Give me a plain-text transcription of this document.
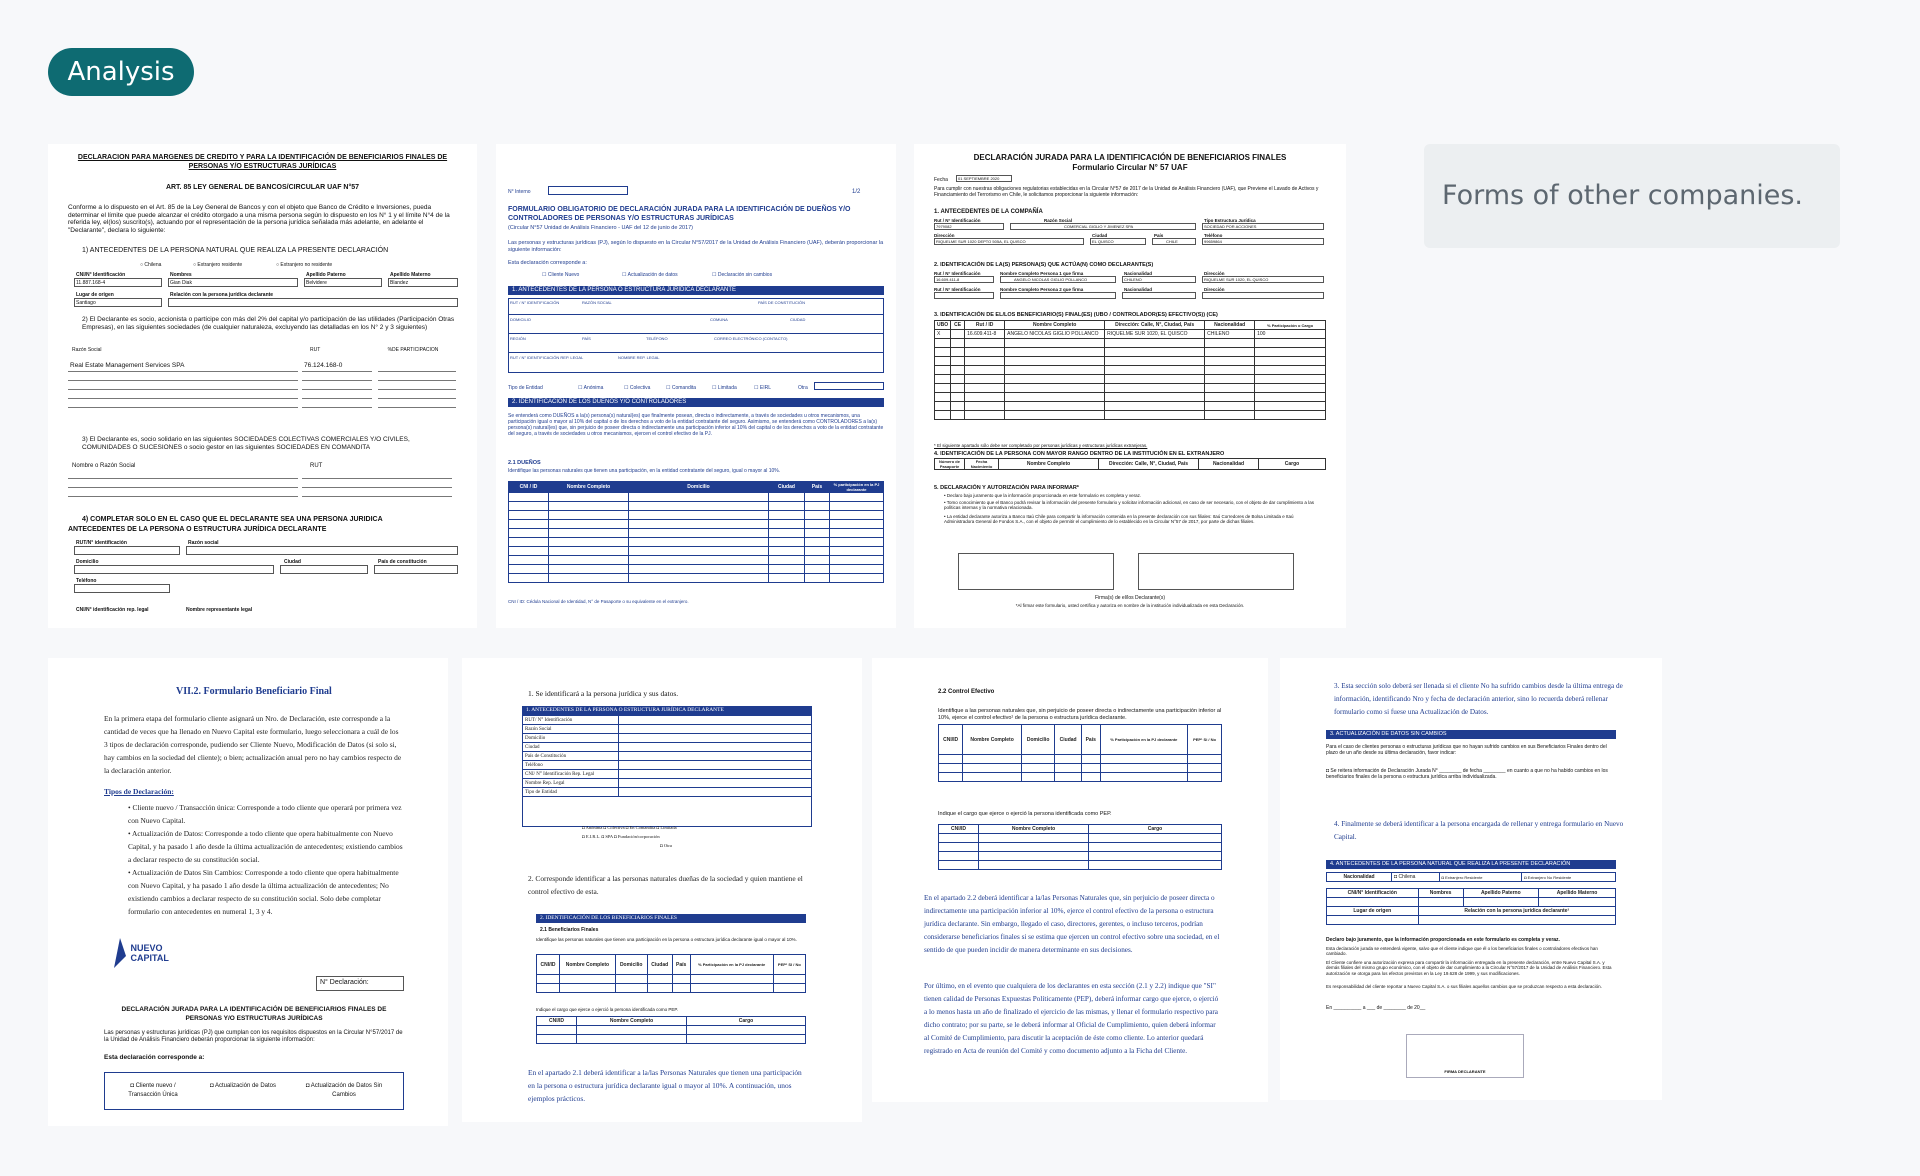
Analysis
Forms of other companies.
DECLARACION PARA MARGENES DE CREDITO Y PARA LA IDENTIFICACIÓN DE BENEFICIARIOS FINALES DE PERSONAS Y/O ESTRUCTURAS JURÍDICAS
ART. 85 LEY GENERAL DE BANCOS/CIRCULAR UAF N°57
Conforme a lo dispuesto en el Art. 85 de la Ley General de Bancos y con el objeto que Banco de Crédito e Inversiones, pueda determinar el límite que puede alcanzar el crédito otorgado a una misma persona según lo dispuesto en los N° 1 y el límite N°4 de la referida ley, el(los) suscrito(s), actuando por el representación de la persona jurídica señalada más adelante, en adelante el "Declarante", declara lo siguiente:
1) ANTECEDENTES DE LA PERSONA NATURAL QUE REALIZA LA PRESENTE DECLARACIÓN
○ Chilena	○ Extranjero residente	○ Extranjero no residente
CNI/N° Identificación	Nombres	Apellido Paterno	Apellido Materno
11.887.168-4	Gian Diak	Belvidere	Blandez
Lugar de origen	Relación con la persona jurídica declarante
Santiago
2) El Declarante es socio, accionista o partícipe con más del 2% del capital y/o participación de las utilidades (Participación Otras Empresas), en las siguientes sociedades (de cualquier naturaleza, excluyendo las detalladas en los N° 2 y 3 siguientes)
Razón Social	RUT	%DE PARTICIPACION
Real Estate Management Services SPA	76.124.168-0
3) El Declarante es, socio solidario en las siguientes SOCIEDADES COLECTIVAS COMERCIALES Y/O CIVILES, COMUNIDADES O SUCESIONES o socio gestor en las siguientes SOCIEDADES EN COMANDITA
Nombre o Razón Social	RUT
4) COMPLETAR SOLO EN EL CASO QUE EL DECLARANTE SEA UNA PERSONA JURIDICA
ANTECEDENTES DE LA PERSONA O ESTRUCTURA JURÍDICA DECLARANTE
RUT/N° identificación	Razón social
Domicilio	Ciudad	País de constitución
Teléfono
CNI/N° identificación rep. legal	Nombre representante legal
N° Interno	1/2
FORMULARIO OBLIGATORIO DE DECLARACIÓN JURADA PARA LA IDENTIFICACIÓN DE DUEÑOS Y/O CONTROLADORES DE PERSONAS Y/O ESTRUCTURAS JURÍDICAS
(Circular N°57 Unidad de Análisis Financiero - UAF del 12 de junio de 2017)
Las personas y estructuras jurídicas (PJ), según lo dispuesto en la Circular N°57/2017 de la Unidad de Análisis Financiero (UAF), deberán proporcionar la siguiente información:
Esta declaración corresponde a:
☐ Cliente Nuevo	☐ Actualización de datos	☐ Declaración sin cambios
1. ANTECEDENTES DE LA PERSONA O ESTRUCTURA JURÍDICA DECLARANTE
RUT / N° IDENTIFICACIÓN	RAZÓN SOCIAL	PAÍS DE CONSTITUCIÓN
DOMICILIO	COMUNA	CIUDAD
REGIÓN	PAÍS	TELÉFONO	CORREO ELECTRÓNICO (CONTACTO)
RUT / N° IDENTIFICACIÓN REP. LEGAL	NOMBRE REP. LEGAL
Tipo de Entidad	☐ Anónima	☐ Colectiva	☐ Comandita	☐ Limitada	☐ EIRL	Otra
2. IDENTIFICACIÓN DE LOS DUEÑOS Y/O CONTROLADORES
Se entenderá como DUEÑOS a la(s) persona(s) natural(es) que finalmente posean, directa o indirectamente, a través de sociedades u otros mecanismos, una participación igual o mayor al 10% del capital o de los derechos a voto de la entidad contratante del seguro. Asimismo, se entenderá como CONTROLADORES a la(s) persona(s) natural(es) que, sin perjuicio de poseer directa o indirectamente una participación inferior al 10% del capital o de los derechos a voto de la entidad contratante del seguro, a través de sociedades u otros mecanismos, ejercen el control efectivo de la PJ.
2.1 DUEÑOS
Identifique las personas naturales que tienen una participación, en la entidad contratante del seguro, igual o mayor al 10%.
CNI / ID	Nombre Completo	Domicilio	Ciudad	País	% participación en la PJ declarante

CNI / ID: Cédula Nacional de Identidad, N° de Pasaporte o su equivalente en el extranjero.
DECLARACIÓN JURADA PARA LA IDENTIFICACIÓN DE BENEFICIARIOS FINALES
Formulario Circular N° 57 UAF
Fecha	01 SEPTIEMBRE 2020
Para cumplir con nuestras obligaciones regulatorias establecidas en la Circular N°57 de 2017 de la Unidad de Análisis Financiero (UAF), que Previene el Lavado de Activos y Financiamiento del Terrorismo en Chile, le solicitamos proporcionar la siguiente información:
1. ANTECEDENTES DE LA COMPAÑÍA
Rut / N° Identificación	Razón Social	Tipo Estructura Jurídica
7979082	COMERCIAL GIGLIO Y JIMENEZ SPA	SOCIEDAD POR ACCIONES
Dirección	Ciudad	País	Teléfono
RIQUELME SUR 1020 DEPTO 505A, EL QUISCO	EL QUISCO	CHILE	99659864
2. IDENTIFICACIÓN DE LA(S) PERSONA(S) QUE ACTÚA(N) COMO DECLARANTE(S)
Rut / N° Identificación	Nombre Completo Persona 1 que firma	Nacionalidad	Dirección
16.609.411-8	ANGELO NICOLAS GIGLIO POLLANCO	CHILENO	RIQUELME SUR 1020, EL QUISCO
Rut / N° Identificación	Nombre Completo Persona 2 que firma	Nacionalidad	Dirección
3. IDENTIFICACIÓN DE EL/LOS BENEFICIARIO(S) FINAL(ES) (UBO / CONTROLADOR(ES) EFECTIVO(S)) (CE)
UBO	CE	Rut / ID	Nombre Completo	Dirección: Calle, N°, Ciudad, País	Nacionalidad	% Participación o Cargo
X		16.609.411-8	ANGELO NICOLAS GIGLIO POLLANCO	RIQUELME SUR 1020, EL QUISCO	CHILENO	100

* El siguiente apartado sólo debe ser completado por personas jurídicas y estructuras jurídicas extranjeras.
4. IDENTIFICACIÓN DE LA PERSONA CON MAYOR RANGO DENTRO DE LA INSTITUCIÓN EN EL EXTRANJERO
Número de Pasaporte	Fecha Nacimiento	Nombre Completo	Dirección: Calle, N°, Ciudad, País	Nacionalidad	Cargo
5. DECLARACIÓN Y AUTORIZACIÓN PARA INFORMAR*
• Declaro bajo juramento que la información proporcionada en este formulario es completa y veraz.
• Tomo conocimiento que el Banco podrá revisar la información del presente formulario y solicitar información adicional, en caso de ser necesario, con el objeto de dar cumplimiento a las políticas internas y la normativa relacionada.
• La entidad declarante autoriza a Banco Itaú Chile para compartir la información contenida en la presente declaración con sus filiales: Itaú Corredores de Bolsa Limitada e Itaú Administradora General de Fondos S.A., con el objeto de permitir el cumplimiento de lo establecido en la Circular N°57 de 2017, por parte de dichas filiales.
Firma(s) de el/los Declarante(s)
*Al firmar este formulario, usted certifica y autoriza en nombre de la institución individualizada en esta Declaración.
VII.2. Formulario Beneficiario Final
En la primera etapa del formulario cliente asignará un Nro. de Declaración, este corresponde a la cantidad de veces que ha llenado en Nuevo Capital este formulario, luego seleccionara a cuál de los 3 tipos de declaración corresponde, pudiendo ser Cliente Nuevo, Modificación de Datos (si solo si, hay cambios en la sociedad del cliente); o bien; actualización anual pero no hay cambios respecto de la declaración anterior.
Tipos de Declaración:
• Cliente nuevo / Transacción única: Corresponde a todo cliente que operará por primera vez con Nuevo Capital.
• Actualización de Datos: Corresponde a todo cliente que opera habitualmente con Nuevo Capital, y ha pasado 1 año desde la última actualización de antecedentes; existiendo cambios a declarar respecto de su constitución social.
• Actualización de Datos Sin Cambios: Corresponde a todo cliente que opera habitualmente con Nuevo Capital, y ha pasado 1 año desde la última actualización de antecedentes; No existiendo cambios a declarar respecto de su constitución social. Solo debe completar formulario con antecedentes en numeral 1, 3 y 4.
NUEVO CAPITAL
N° Declaración:
DECLARACIÓN JURADA PARA LA IDENTIFICACIÓN DE BENEFICIARIOS FINALES DE PERSONAS Y/O ESTRUCTURAS JURÍDICAS
Las personas y estructuras jurídicas (PJ) que cumplan con los requisitos dispuestos en la Circular N°57/2017 de la Unidad de Análisis Financiero deberán proporcionar la siguiente información:
Esta declaración corresponde a:
◘ Cliente nuevo / Transacción Única
◘ Actualización de Datos	◘ Actualización de Datos Sin Cambios
1. Se identificará a la persona jurídica y sus datos.
1. ANTECEDENTES DE LA PERSONA O ESTRUCTURA JURÍDICA DECLARANTE
RUT/ N° Identificación	
Razón Social	
Domicilio	
Ciudad	
País de Constitución	
Teléfono	
CNI/ N° Identificación Rep. Legal	
Nombre Rep. Legal	
Tipo de Entidad	

◘ Anónima ◘ Colectiva ◘ En Comandita ◘ Limitada
◘ E.I.R.L. ◘ SPA ◘ Fundación/corporación
◘ Otra
2. Corresponde identificar a las personas naturales dueñas de la sociedad y quien mantiene el control efectivo de esta.
2. IDENTIFICACIÓN DE LOS BENEFICIARIOS FINALES
2.1 Beneficiarios Finales
Identifique las personas naturales que tienen una participación en la persona o estructura jurídica declarante igual o mayor al 10%.
CNI/ID	Nombre Completo	Domicilio	Ciudad	País	% Participación en la PJ declarante	PEP¹ SI / No

Indique el cargo que ejerce o ejerció la persona identificada como PEP.
CNI/ID	Nombre Completo	Cargo

En el apartado 2.1 deberá identificar a la/las Personas Naturales que tienen una participación en la persona o estructura jurídica declarante igual o mayor al 10%. A continuación, unos ejemplos prácticos.
2.2 Control Efectivo
Identifique a las personas naturales que, sin perjuicio de poseer directa o indirectamente una participación inferior al 10%, ejerce el control efectivo¹ de la persona o estructura jurídica declarante.
CNI/ID	Nombre Completo	Domicilio	Ciudad	País	% Participación en la PJ declarante	PEP¹ Si / No

Indique el cargo que ejerce o ejerció la persona identificada como PEP.
CNI/ID	Nombre Completo	Cargo

En el apartado 2.2 deberá identificar a la/las Personas Naturales que, sin perjuicio de poseer directa o indirectamente una participación inferior al 10%, ejerce el control efectivo de la persona o estructura jurídica declarante. Sin embargo, llegado el caso, directores, gerentes, o incluso terceros, podrían considerarse beneficiarios finales si se estima que ejercen un control efectivo sobre una sociedad, en el sentido de que pueden incidir de manera determinante en sus decisiones.
Por último, en el evento que cualquiera de los declarantes en esta sección (2.1 y 2.2) indique que "SI" tienen calidad de Personas Expuestas Políticamente (PEP), deberá informar cargo que ejerce, o ejerció a lo menos hasta un año de finalizado el ejercicio de las mismas, y llenar el formulario respectivo para dicho contrato; por su parte, se le deberá informar al Oficial de Cumplimiento, quien deberá informar al Comité de Cumplimiento, para discutir la aceptación de éste como cliente. Lo anterior quedará registrado en Acta de reunión del Comité y como documento adjunto a la Ficha del Cliente.
3. Esta sección solo deberá ser llenada si el cliente No ha sufrido cambios desde la última entrega de información, identificando Nro y fecha de declaración anterior, sino lo recuerda deberá rellenar formulario como si fuese una Actualización de Datos.
3. ACTUALIZACIÓN DE DATOS SIN CAMBIOS
Para el caso de clientes personas o estructuras jurídicas que no hayan sufrido cambios en sus Beneficiarios Finales dentro del plazo de un año desde su última declaración, favor indicar:
◘ Se reitera información de Declaración Jurada N° ________ de fecha ________ en cuanto a que no ha habido cambios en los beneficiarios finales de la persona o estructura jurídica arriba individualizada.
4. Finalmente se deberá identificar a la persona encargada de rellenar y entrega formulario en Nuevo Capital.
4. ANTECEDENTES DE LA PERSONA NATURAL QUE REALIZA LA PRESENTE DECLARACIÓN
Nacionalidad	◘ Chilena	◘ Extranjero Residente	◘ Extranjero No Residente
CNI/N° Identificación	Nombres	Apellido Paterno	Apellido Materno

Lugar de origen	Relación con la persona jurídica declarante²		

Declaro bajo juramento, que la información proporcionada en este formulario es completa y veraz.
Esta declaración jurada se entenderá vigente, salvo que el cliente indique que él o los beneficiarios finales o controladores efectivos han cambiado.
El Cliente confiere una autorización expresa para compartir la información entregada en la presente declaración, entre Nuevo Capital S.A. y demás filiales del mismo grupo económico, con el objeto de dar cumplimiento a la Circular N°57/2017 de la Unidad de Análisis Financiero. Esta autorización se otorga para los efectos previstos en la Ley 19.628 de 1999, y sus modificaciones.
Es responsabilidad del cliente reportar a Nuevo Capital S.A. o sus filiales aquellos cambios que se produzcan respecto a esta declaración.
En __________ a ___ de ________ de 20__
FIRMA DECLARANTE
